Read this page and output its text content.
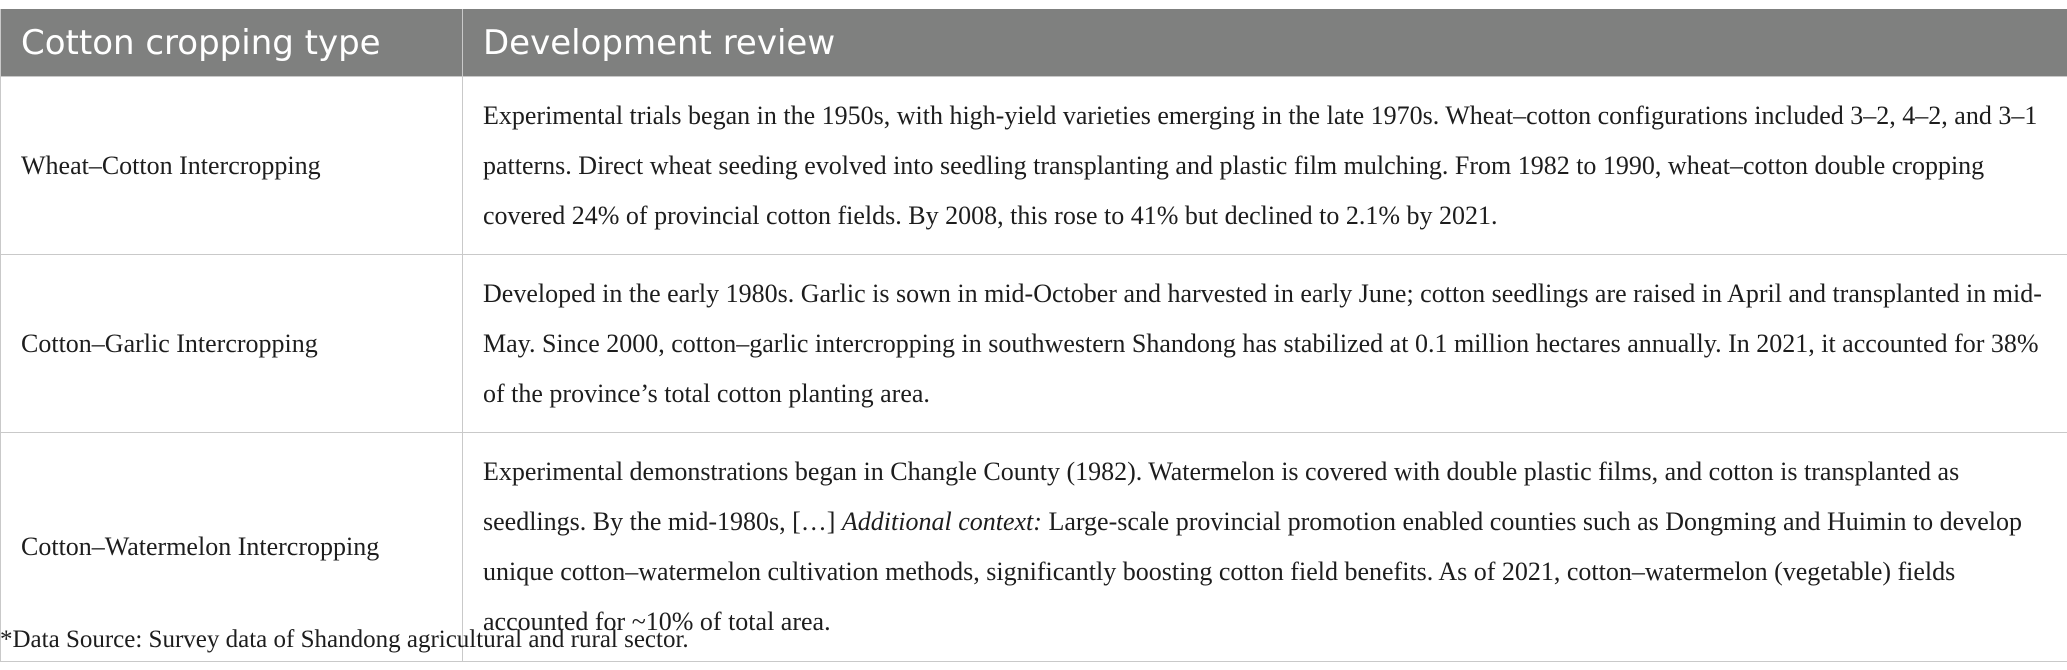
Cotton cropping type	Development review
Wheat–Cotton Intercropping	Experimental trials began in the 1950s, with high-yield varieties emerging in the late 1970s. Wheat–cotton configurations included 3–2, 4–2, and 3–1 patterns. Direct wheat seeding evolved into seedling transplanting and plastic film mulching. From 1982 to 1990, wheat–cotton double cropping covered 24% of provincial cotton fields. By 2008, this rose to 41% but declined to 2.1% by 2021.
Cotton–Garlic Intercropping	Developed in the early 1980s. Garlic is sown in mid-October and harvested in early June; cotton seedlings are raised in April and transplanted in mid-May. Since 2000, cotton–garlic intercropping in southwestern Shandong has stabilized at 0.1 million hectares annually. In 2021, it accounted for 38% of the province’s total cotton planting area.
Cotton–Watermelon Intercropping	Experimental demonstrations began in Changle County (1982). Watermelon is covered with double plastic films, and cotton is transplanted as seedlings. By the mid-1980s, […] Additional context: Large-scale provincial promotion enabled counties such as Dongming and Huimin to develop unique cotton–watermelon cultivation methods, significantly boosting cotton field benefits. As of 2021, cotton–watermelon (vegetable) fields accounted for ~10% of total area.
*Data Source: Survey data of Shandong agricultural and rural sector.
